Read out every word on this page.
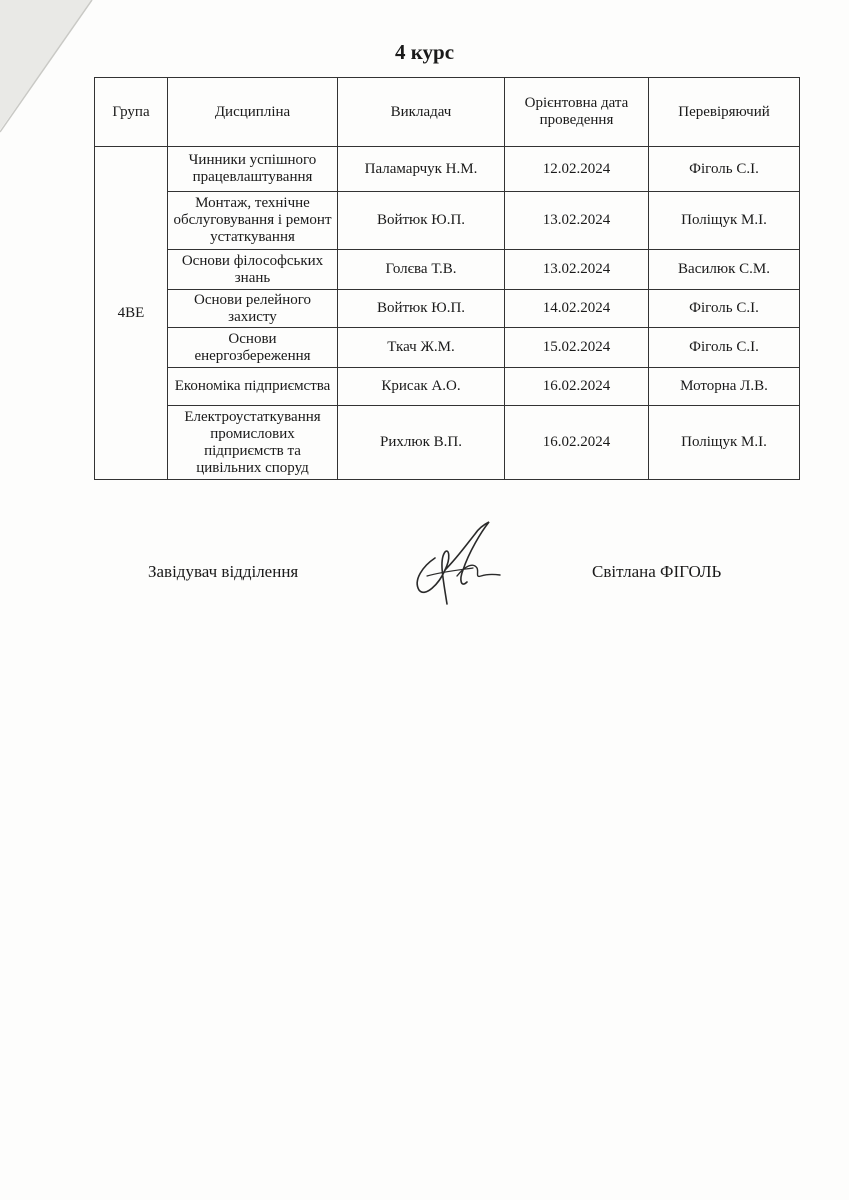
4 курс
Група	Дисципліна	Викладач	Орієнтовна дата проведення	Перевіряючий
4ВЕ	Чинники успішного працевлаштування	Паламарчук Н.М.	12.02.2024	Фіголь С.І.
	Монтаж, технічне обслуговування і ремонт устаткування	Войтюк Ю.П.	13.02.2024	Поліщук М.І.
	Основи філософських знань	Голєва Т.В.	13.02.2024	Василюк С.М.
	Основи релейного захисту	Войтюк Ю.П.	14.02.2024	Фіголь С.І.
	Основи енергозбереження	Ткач Ж.М.	15.02.2024	Фіголь С.І.
	Економіка підприємства	Крисак А.О.	16.02.2024	Моторна Л.В.
	Електроустаткування промислових підприємств та цивільних споруд	Рихлюк В.П.	16.02.2024	Поліщук М.І.
Завідувач відділення	Світлана ФІГОЛЬ
